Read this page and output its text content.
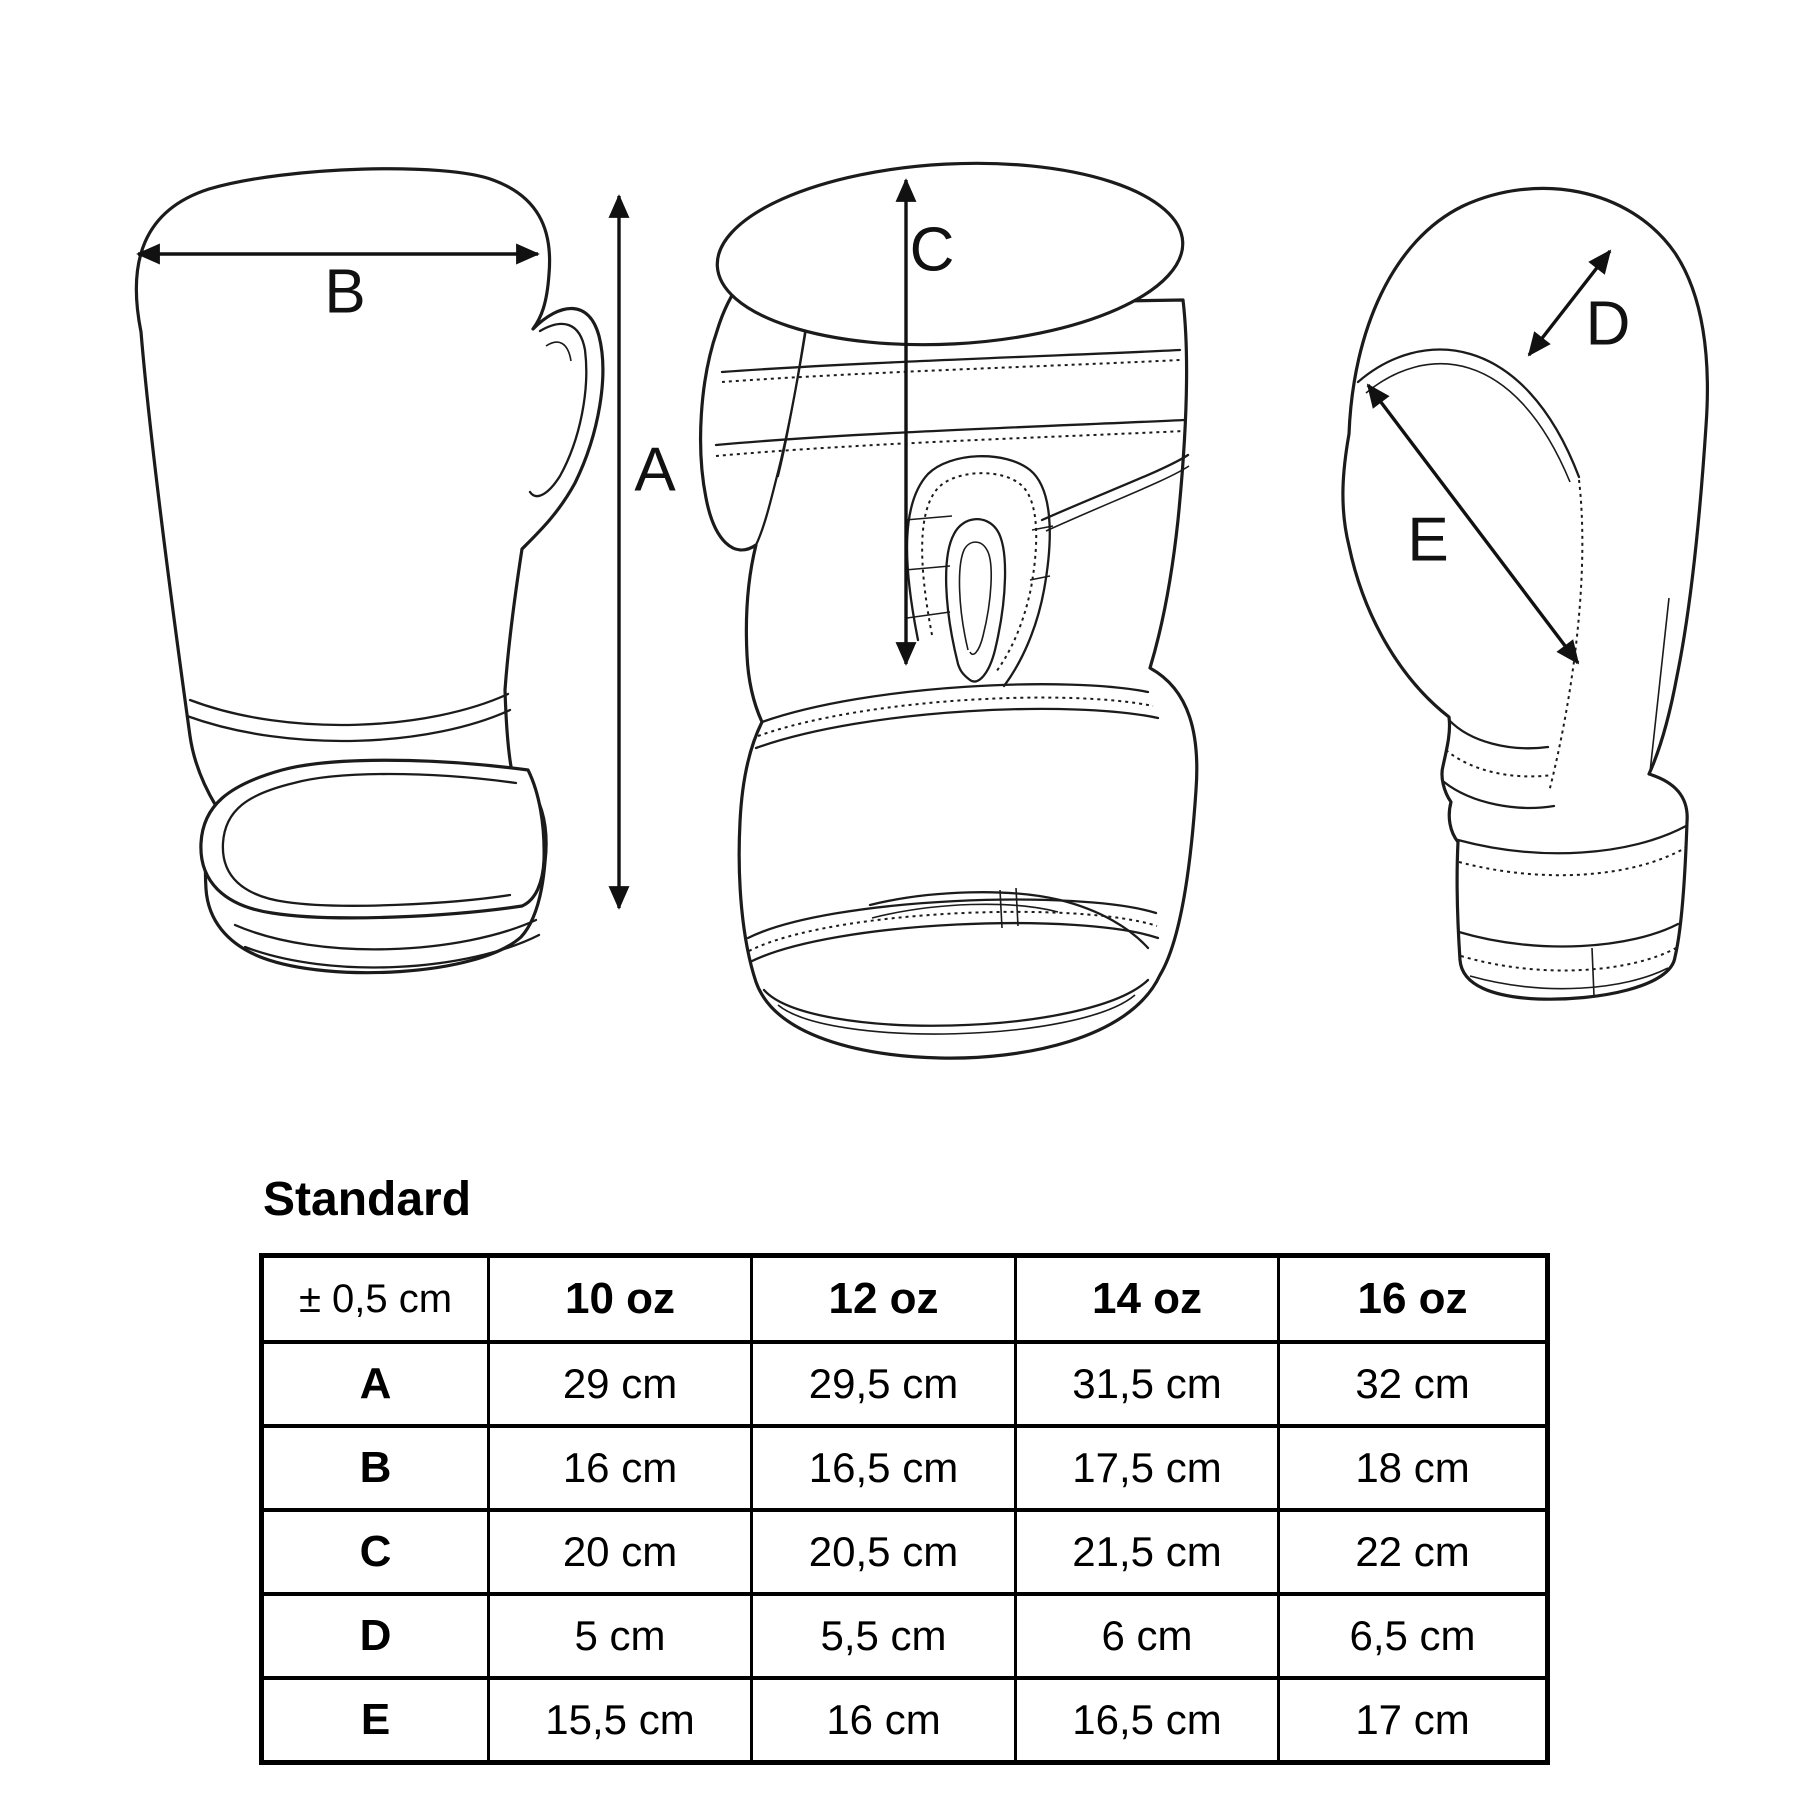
B
A
C
D
E

Standard

± 0,5 cm	10 oz	12 oz	14 oz	16 oz
A	29 cm	29,5 cm	31,5 cm	32 cm
B	16 cm	16,5 cm	17,5 cm	18 cm
C	20 cm	20,5 cm	21,5 cm	22 cm
D	5 cm	5,5 cm	6 cm	6,5 cm
E	15,5 cm	16 cm	16,5 cm	17 cm
